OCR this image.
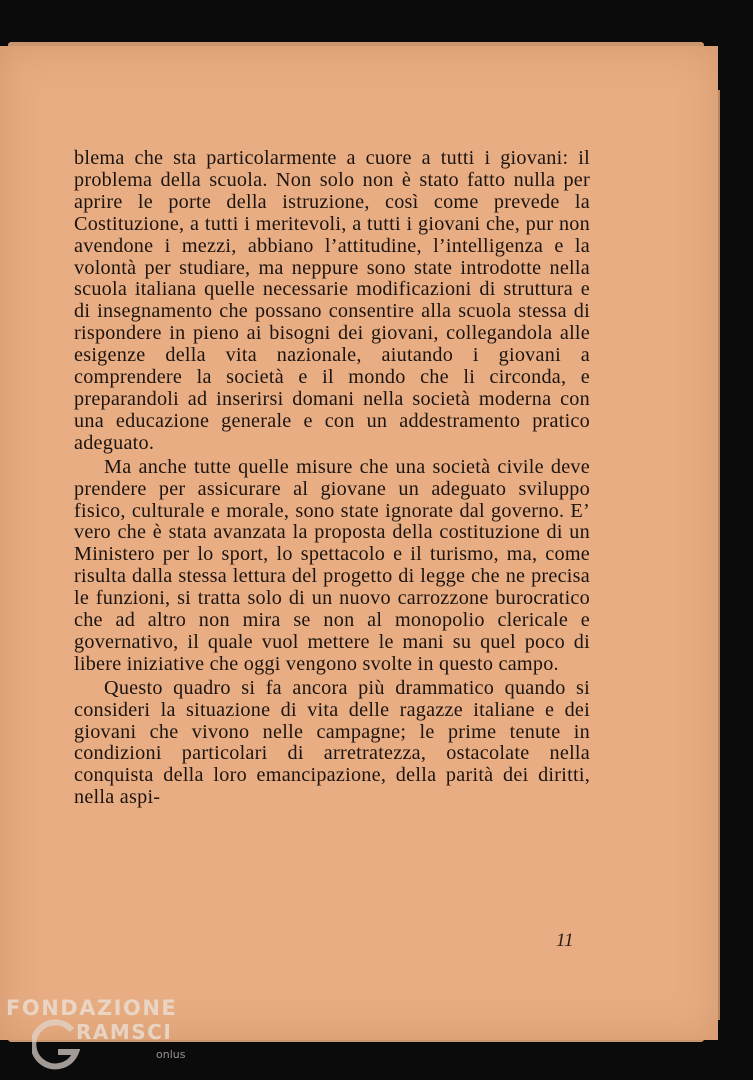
blema che sta particolarmente a cuore a tutti i giovani: il problema della scuola. Non solo non è stato fatto nulla per aprire le porte della istruzione, così come prevede la Costituzione, a tutti i meritevoli, a tutti i giovani che, pur non avendone i mezzi, abbiano l’attitudine, l’intelligenza e la volontà per studiare, ma neppure sono state introdotte nella scuola italiana quelle necessarie modificazioni di struttura e di insegnamento che possano consentire alla scuola stessa di rispondere in pieno ai bisogni dei giovani, collegandola alle esigenze della vita nazionale, aiutando i giovani a comprendere la società e il mondo che li circonda, e preparandoli ad inserirsi domani nella società moderna con una educazione generale e con un addestramento pratico adeguato.

Ma anche tutte quelle misure che una società civile deve prendere per assicurare al giovane un adeguato sviluppo fisico, culturale e morale, sono state ignorate dal governo. E’ vero che è stata avanzata la proposta della costituzione di un Ministero per lo sport, lo spettacolo e il turismo, ma, come risulta dalla stessa lettura del progetto di legge che ne precisa le funzioni, si tratta solo di un nuovo carrozzone burocratico che ad altro non mira se non al monopolio clericale e governativo, il quale vuol mettere le mani su quel poco di libere iniziative che oggi vengono svolte in questo campo.

Questo quadro si fa ancora più drammatico quando si consideri la situazione di vita delle ragazze italiane e dei giovani che vivono nelle campagne; le prime tenute in condizioni particolari di arretratezza, ostacolate nella conquista della loro emancipazione, della parità dei diritti, nella aspi-

11
FONDAZIONE
RAMSCI
onlus
